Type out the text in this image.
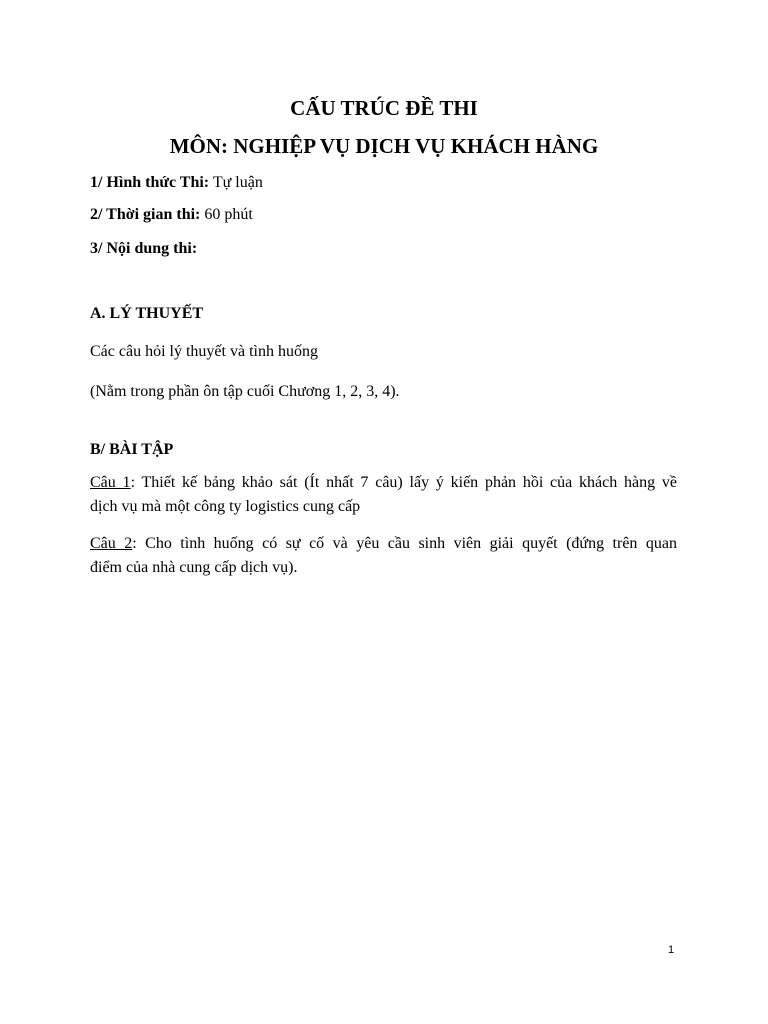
CẤU TRÚC ĐỀ THI
MÔN: NGHIỆP VỤ DỊCH VỤ KHÁCH HÀNG
1/ Hình thức Thi: Tự luận
2/ Thời gian thi: 60 phút
3/ Nội dung thi:
A. LÝ THUYẾT
Các câu hỏi lý thuyết và tình huống
(Nằm trong phần ôn tập cuối Chương 1, 2, 3, 4).
B/ BÀI TẬP
Câu 1: Thiết kế bảng khảo sát (Ít nhất 7 câu) lấy ý kiến phản hồi của khách hàng về
dịch vụ mà một công ty logistics cung cấp
Câu 2: Cho tình huống có sự cố và yêu cầu sinh viên giải quyết (đứng trên quan
điểm của nhà cung cấp dịch vụ).
1
